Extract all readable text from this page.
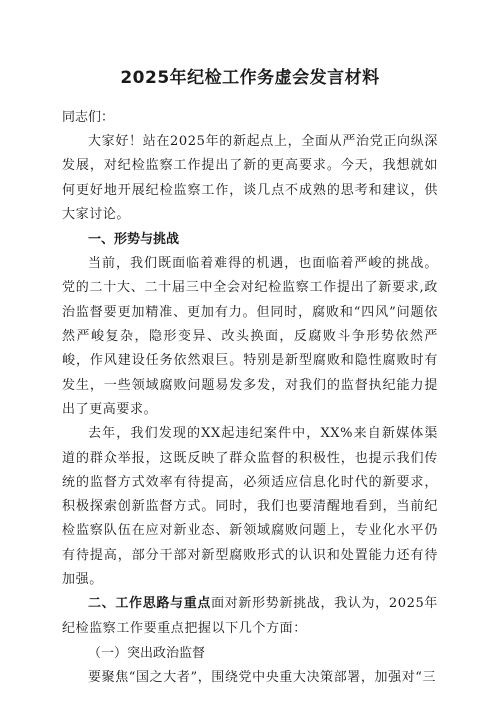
2025年纪检工作务虚会发言材料

同志们：

大家好！站在2025年的新起点上，全面从严治党正向纵深发展，对纪检监察工作提出了新的更高要求。今天，我想就如何更好地开展纪检监察工作，谈几点不成熟的思考和建议，供大家讨论。

一、形势与挑战

当前，我们既面临着难得的机遇，也面临着严峻的挑战。党的二十大、二十届三中全会对纪检监察工作提出了新要求,政治监督要更加精准、更加有力。但同时，腐败和“四风”问题依然严峻复杂，隐形变异、改头换面，反腐败斗争形势依然严峻，作风建设任务依然艰巨。特别是新型腐败和隐性腐败时有发生，一些领域腐败问题易发多发，对我们的监督执纪能力提出了更高要求。

去年，我们发现的XX起违纪案件中，XX%来自新媒体渠道的群众举报，这既反映了群众监督的积极性，也提示我们传统的监督方式效率有待提高，必须适应信息化时代的新要求，积极探索创新监督方式。同时，我们也要清醒地看到，当前纪检监察队伍在应对新业态、新领域腐败问题上，专业化水平仍有待提高，部分干部对新型腐败形式的认识和处置能力还有待加强。

二、工作思路与重点面对新形势新挑战，我认为，2025年纪检监察工作要重点把握以下几个方面：

（一）突出政治监督

要聚焦“国之大者”，围绕党中央重大决策部署，加强对“三
